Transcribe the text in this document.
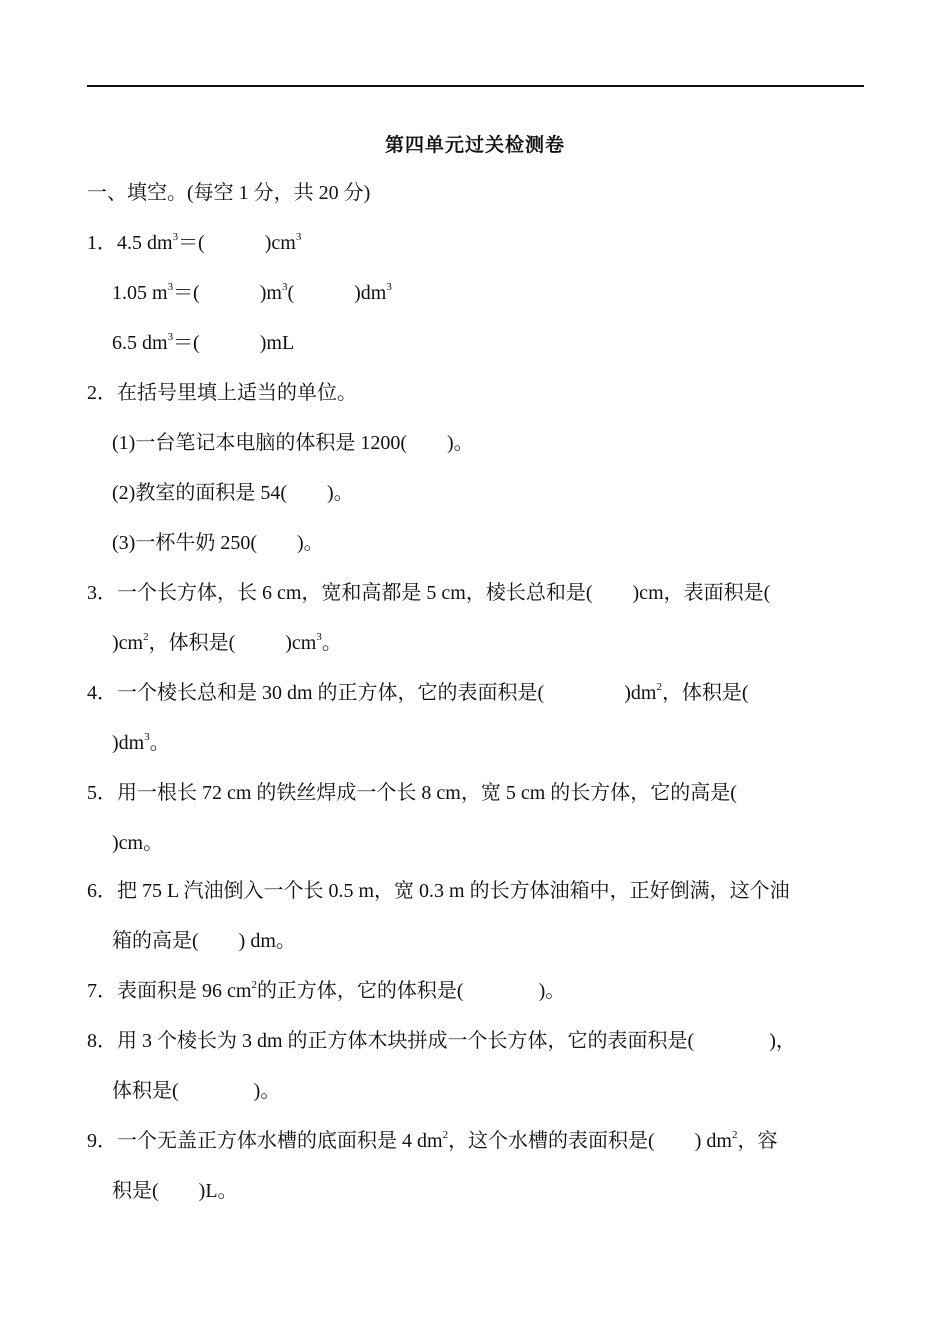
第四单元过关检测卷
一、填空。(每空 1 分，共 20 分)
1．4.5 $dm^3=$(            )$cm^3$
1.05 $m^3=$(            )$m^3$(            )$dm^3$
6.5 $dm^3=$(            )mL
2．在括号里填上适当的单位。
(1)一台笔记本电脑的体积是 1200(        )。
(2)教室的面积是 54(        )。
(3)一杯牛奶 250(        )。
3．一个长方体，长 6 cm，宽和高都是 5 cm，棱长总和是(        )cm，表面积是(
)$cm^2$，体积是(          )$cm^3$。
4．一个棱长总和是 30 dm 的正方体，它的表面积是(                )$dm^2$，体积是(
)$dm^3$。
5．用一根长 72 cm 的铁丝焊成一个长 8 cm，宽 5 cm 的长方体，它的高是(
)cm。
6．把 75 L 汽油倒入一个长 0.5 m，宽 0.3 m 的长方体油箱中，正好倒满，这个油
箱的高是(        ) dm。
7．表面积是 96 $cm^2$的正方体，它的体积是(               )。
8．用 3 个棱长为 3 dm 的正方体木块拼成一个长方体，它的表面积是(               )，
体积是(               )。
9．一个无盖正方体水槽的底面积是 4 $dm^2$，这个水槽的表面积是(        ) $dm^2$，容
积是(        )L。
